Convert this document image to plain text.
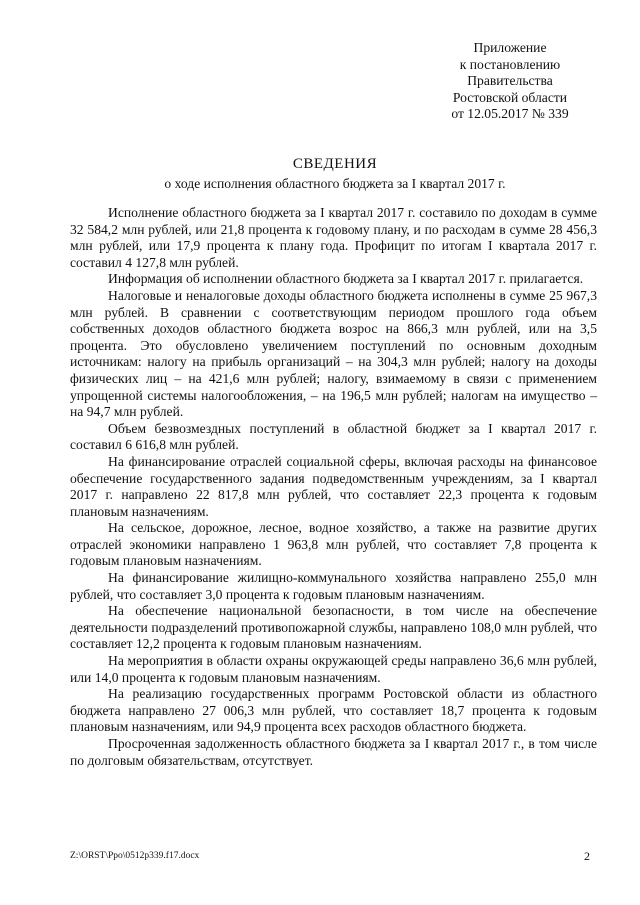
Приложение
к постановлению
Правительства
Ростовской области
от 12.05.2017 № 339
СВЕДЕНИЯ
о ходе исполнения областного бюджета за I квартал 2017 г.

Исполнение областного бюджета за I квартал 2017 г. составило по доходам в сумме 32 584,2 млн рублей, или 21,8 процента к годовому плану, и по расходам в сумме 28 456,3 млн рублей, или 17,9 процента к плану года. Профицит по итогам I квартала 2017 г. составил 4 127,8 млн рублей.

Информация об исполнении областного бюджета за I квартал 2017 г. прилагается.

Налоговые и неналоговые доходы областного бюджета исполнены в сумме 25 967,3 млн рублей. В сравнении с соответствующим периодом прошлого года объем собственных доходов областного бюджета возрос на 866,3 млн рублей, или на 3,5 процента. Это обусловлено увеличением поступлений по основным доходным источникам: налогу на прибыль организаций – на 304,3 млн рублей; налогу на доходы физических лиц – на 421,6 млн рублей; налогу, взимаемому в связи с применением упрощенной системы налогообложения, – на 196,5 млн рублей; налогам на имущество – на 94,7 млн рублей.

Объем безвозмездных поступлений в областной бюджет за I квартал 2017 г. составил 6 616,8 млн рублей.

На финансирование отраслей социальной сферы, включая расходы на финансовое обеспечение государственного задания подведомственным учреждениям, за I квартал 2017 г. направлено 22 817,8 млн рублей, что составляет 22,3 процента к годовым плановым назначениям.

На сельское, дорожное, лесное, водное хозяйство, а также на развитие других отраслей экономики направлено 1 963,8 млн рублей, что составляет 7,8 процента к годовым плановым назначениям.

На финансирование жилищно-коммунального хозяйства направлено 255,0 млн рублей, что составляет 3,0 процента к годовым плановым назначениям.

На обеспечение национальной безопасности, в том числе на обеспечение деятельности подразделений противопожарной службы, направлено 108,0 млн рублей, что составляет 12,2 процента к годовым плановым назначениям.

На мероприятия в области охраны окружающей среды направлено 36,6 млн рублей, или 14,0 процента к годовым плановым назначениям.

На реализацию государственных программ Ростовской области из областного бюджета направлено 27 006,3 млн рублей, что составляет 18,7 процента к годовым плановым назначениям, или 94,9 процента всех расходов областного бюджета.

Просроченная задолженность областного бюджета за I квартал 2017 г., в том числе по долговым обязательствам, отсутствует.

Z:\ORST\Ppo\0512p339.f17.docx	2
